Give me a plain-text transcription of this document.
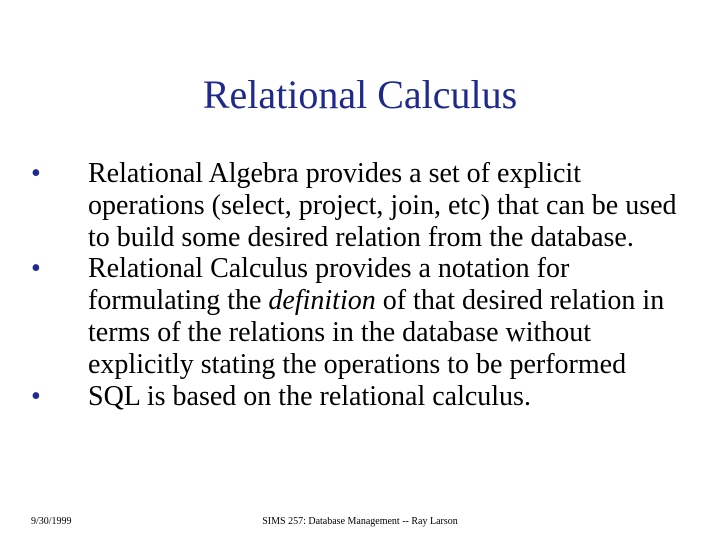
Relational Calculus
• Relational Algebra provides a set of explicit operations (select, project, join, etc) that can be used to build some desired relation from the database.
• Relational Calculus provides a notation for formulating the definition of that desired relation in terms of the relations in the database without explicitly stating the operations to be performed
• SQL is based on the relational calculus.
9/30/1999	SIMS 257: Database Management -- Ray Larson
